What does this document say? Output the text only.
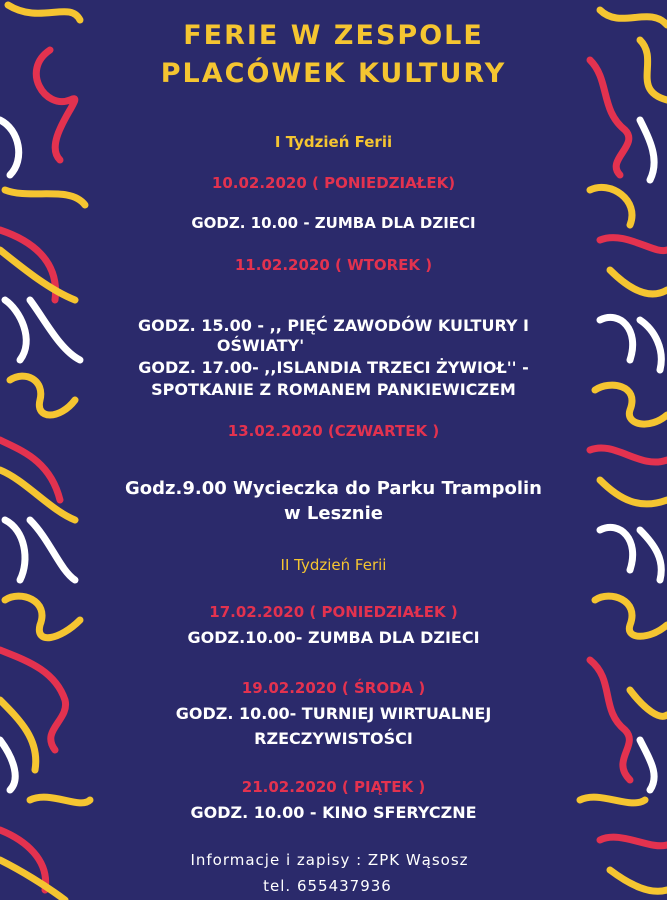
FERIE W ZESPOLE
PLACÓWEK KULTURY
I Tydzień Ferii
10.02.2020 ( PONIEDZIAŁEK)
GODZ. 10.00 - ZUMBA DLA DZIECI
11.02.2020 ( WTOREK )
GODZ. 15.00 - ,, PIĘĆ ZAWODÓW KULTURY I
OŚWIATY'
GODZ. 17.00- ,,ISLANDIA TRZECI ŻYWIOŁ'' -
SPOTKANIE Z ROMANEM PANKIEWICZEM
13.02.2020 (CZWARTEK )
Godz.9.00 Wycieczka do Parku Trampolin
w Lesznie
II Tydzień Ferii
17.02.2020 ( PONIEDZIAŁEK )
GODZ.10.00- ZUMBA DLA DZIECI
19.02.2020 ( ŚRODA )
GODZ. 10.00- TURNIEJ WIRTUALNEJ
RZECZYWISTOŚCI
21.02.2020 ( PIĄTEK )
GODZ. 10.00 - KINO SFERYCZNE
Informacje i zapisy : ZPK Wąsosz
tel. 655437936
